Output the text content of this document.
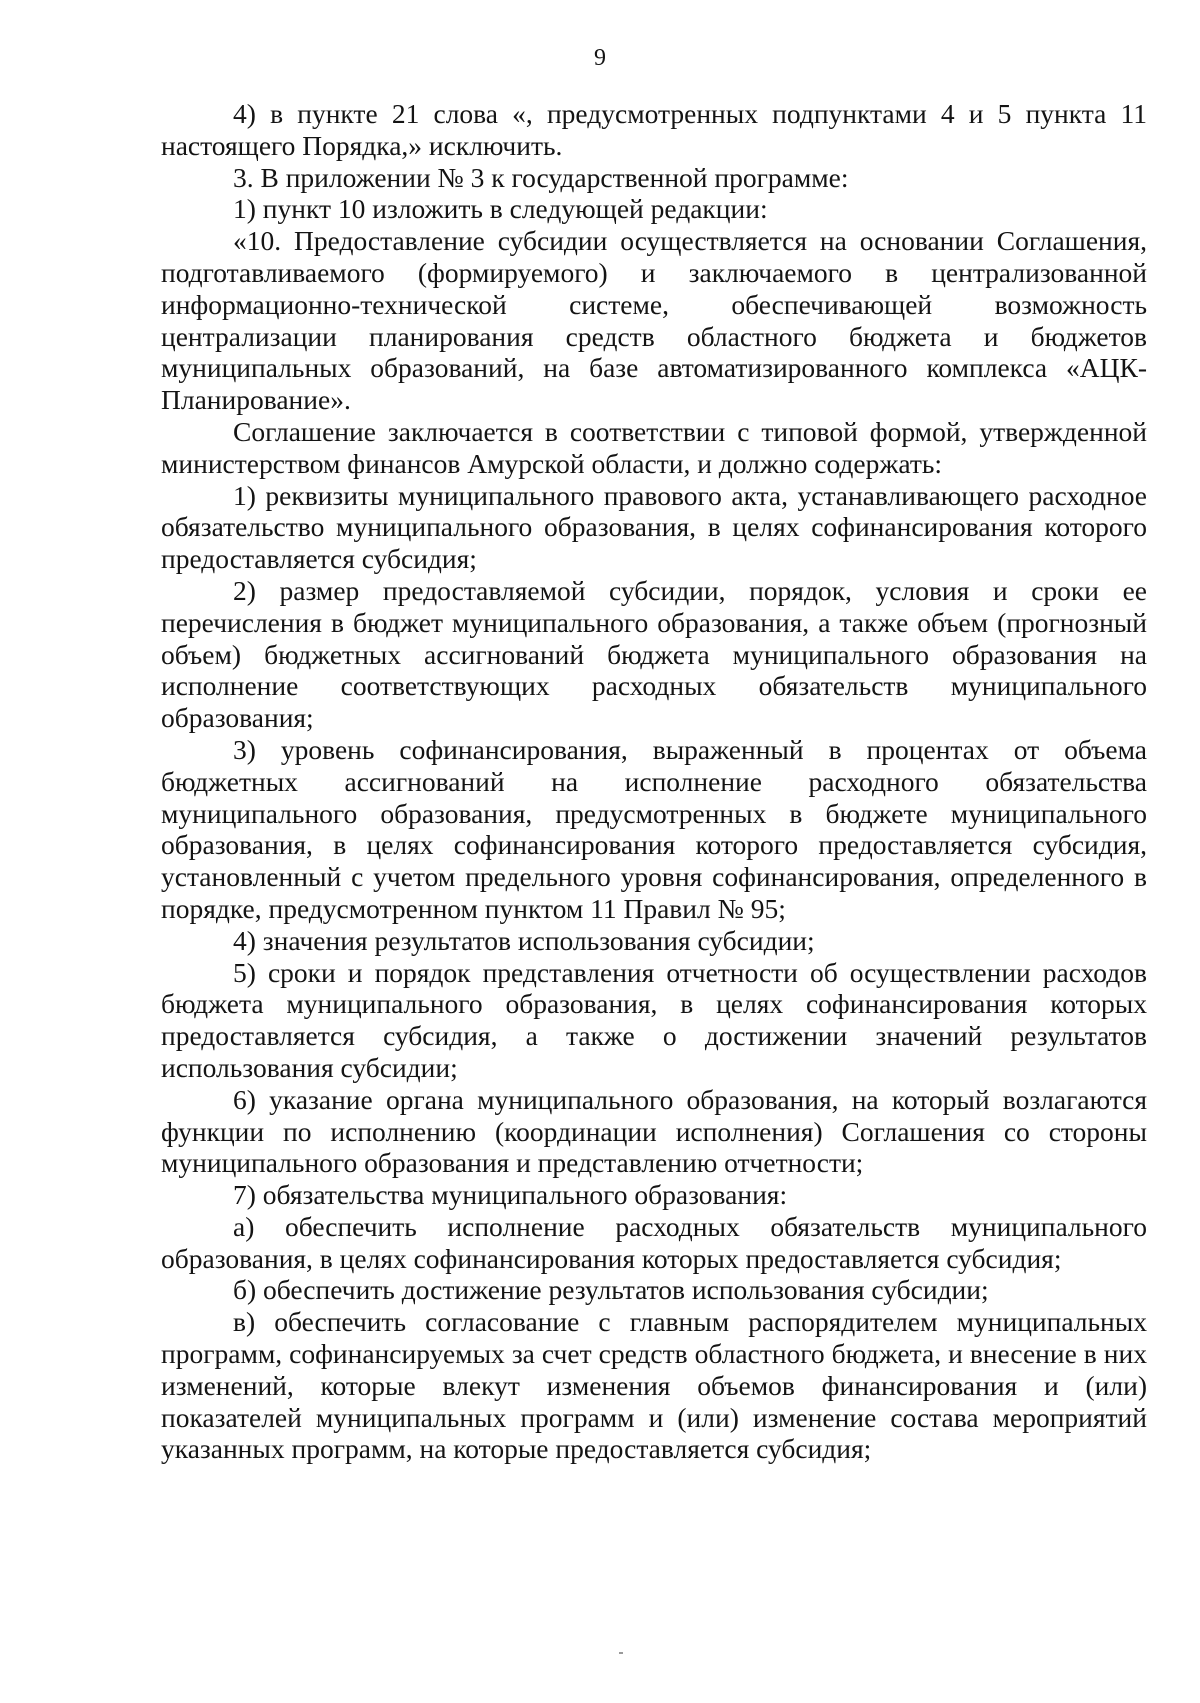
9

4) в пункте 21 слова «, предусмотренных подпунктами 4 и 5 пункта 11 настоящего Порядка,» исключить.

3. В приложении № 3 к государственной программе:

1) пункт 10 изложить в следующей редакции:

«10. Предоставление субсидии осуществляется на основании Соглашения, подготавливаемого (формируемого) и заключаемого в централизованной информационно-технической системе, обеспечивающей возможность централизации планирования средств областного бюджета и бюджетов муниципальных образований, на базе автоматизированного комплекса «АЦК-Планирование».

Соглашение заключается в соответствии с типовой формой, утвержденной министерством финансов Амурской области, и должно содержать:

1) реквизиты муниципального правового акта, устанавливающего расходное обязательство муниципального образования, в целях софинансирования которого предоставляется субсидия;

2) размер предоставляемой субсидии, порядок, условия и сроки ее перечисления в бюджет муниципального образования, а также объем (прогнозный объем) бюджетных ассигнований бюджета муниципального образования на исполнение соответствующих расходных обязательств муниципального образования;

3) уровень софинансирования, выраженный в процентах от объема бюджетных ассигнований на исполнение расходного обязательства муниципального образования, предусмотренных в бюджете муниципального образования, в целях софинансирования которого предоставляется субсидия, установленный с учетом предельного уровня софинансирования, определенного в порядке, предусмотренном пунктом 11 Правил № 95;

4) значения результатов использования субсидии;

5) сроки и порядок представления отчетности об осуществлении расходов бюджета муниципального образования, в целях софинансирования которых предоставляется субсидия, а также о достижении значений результатов использования субсидии;

6) указание органа муниципального образования, на который возлагаются функции по исполнению (координации исполнения) Соглашения со стороны муниципального образования и представлению отчетности;

7) обязательства муниципального образования:

а) обеспечить исполнение расходных обязательств муниципального образования, в целях софинансирования которых предоставляется субсидия;

б) обеспечить достижение результатов использования субсидии;

в) обеспечить согласование с главным распорядителем муниципальных программ, софинансируемых за счет средств областного бюджета, и внесение в них изменений, которые влекут изменения объемов финансирования и (или) показателей муниципальных программ и (или) изменение состава мероприятий указанных программ, на которые предоставляется субсидия;
